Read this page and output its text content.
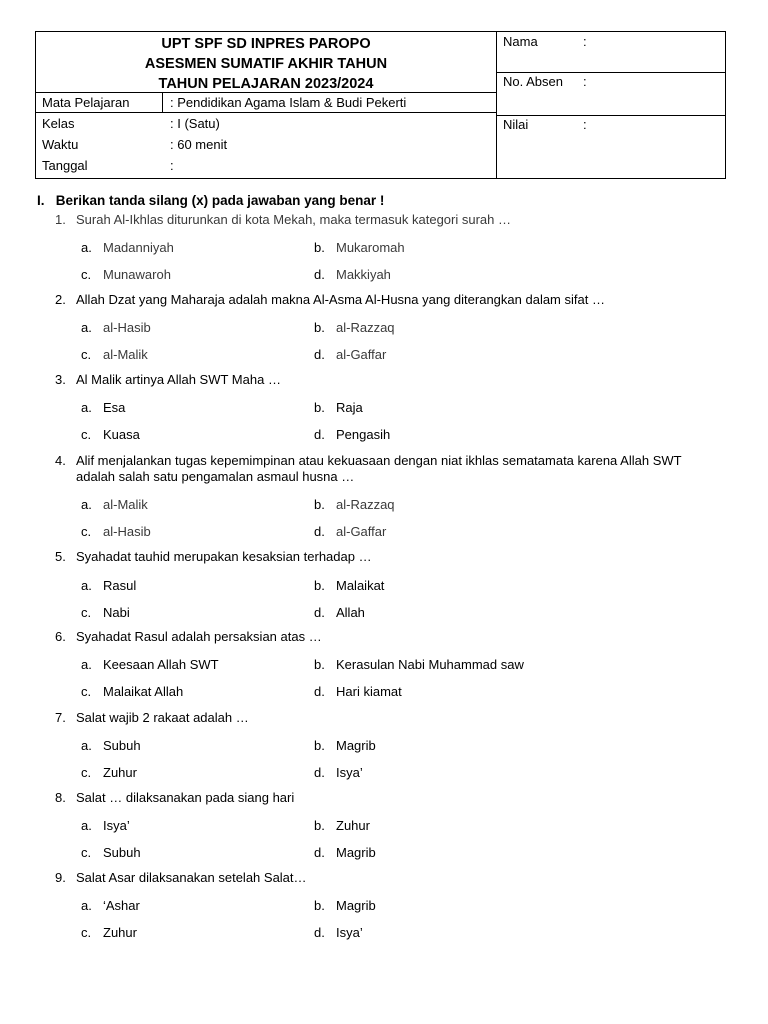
UPT SPF SD INPRES PAROPO
ASESMEN SUMATIF AKHIR TAHUN
TAHUN PELAJARAN 2023/2024
Mata Pelajaran	: Pendidikan Agama Islam & Budi Pekerti
Kelas	: I (Satu)
Waktu	: 60 menit
Tanggal	:
Nama	:
No. Absen :
Nilai	:
I. Berikan tanda silang (x) pada jawaban yang benar !
1. Surah Al-Ikhlas diturunkan di kota Mekah, maka termasuk kategori surah …
a. Madanniyah	b. Mukaromah
c. Munawaroh	d. Makkiyah
2. Allah Dzat yang Maharaja adalah makna Al-Asma Al-Husna yang diterangkan dalam sifat …
a. al-Hasib	b. al-Razzaq
c. al-Malik	d. al-Gaffar
3. Al Malik artinya Allah SWT Maha …
a. Esa	b. Raja
c. Kuasa	d. Pengasih
4. Alif menjalankan tugas kepemimpinan atau kekuasaan dengan niat ikhlas sematamata karena Allah SWT adalah salah satu pengamalan asmaul husna …
a. al-Malik	b. al-Razzaq
c. al-Hasib	d. al-Gaffar
5. Syahadat tauhid merupakan kesaksian terhadap …
a. Rasul	b. Malaikat
c. Nabi	d. Allah
6. Syahadat Rasul adalah persaksian atas …
a. Keesaan Allah SWT	b. Kerasulan Nabi Muhammad saw
c. Malaikat Allah	d. Hari kiamat
7. Salat wajib 2 rakaat adalah …
a. Subuh	b. Magrib
c. Zuhur	d. Isya’
8. Salat … dilaksanakan pada siang hari
a. Isya’	b. Zuhur
c. Subuh	d. Magrib
9. Salat Asar dilaksanakan setelah Salat…
a. ‘Ashar	b. Magrib
c. Zuhur	d. Isya’
